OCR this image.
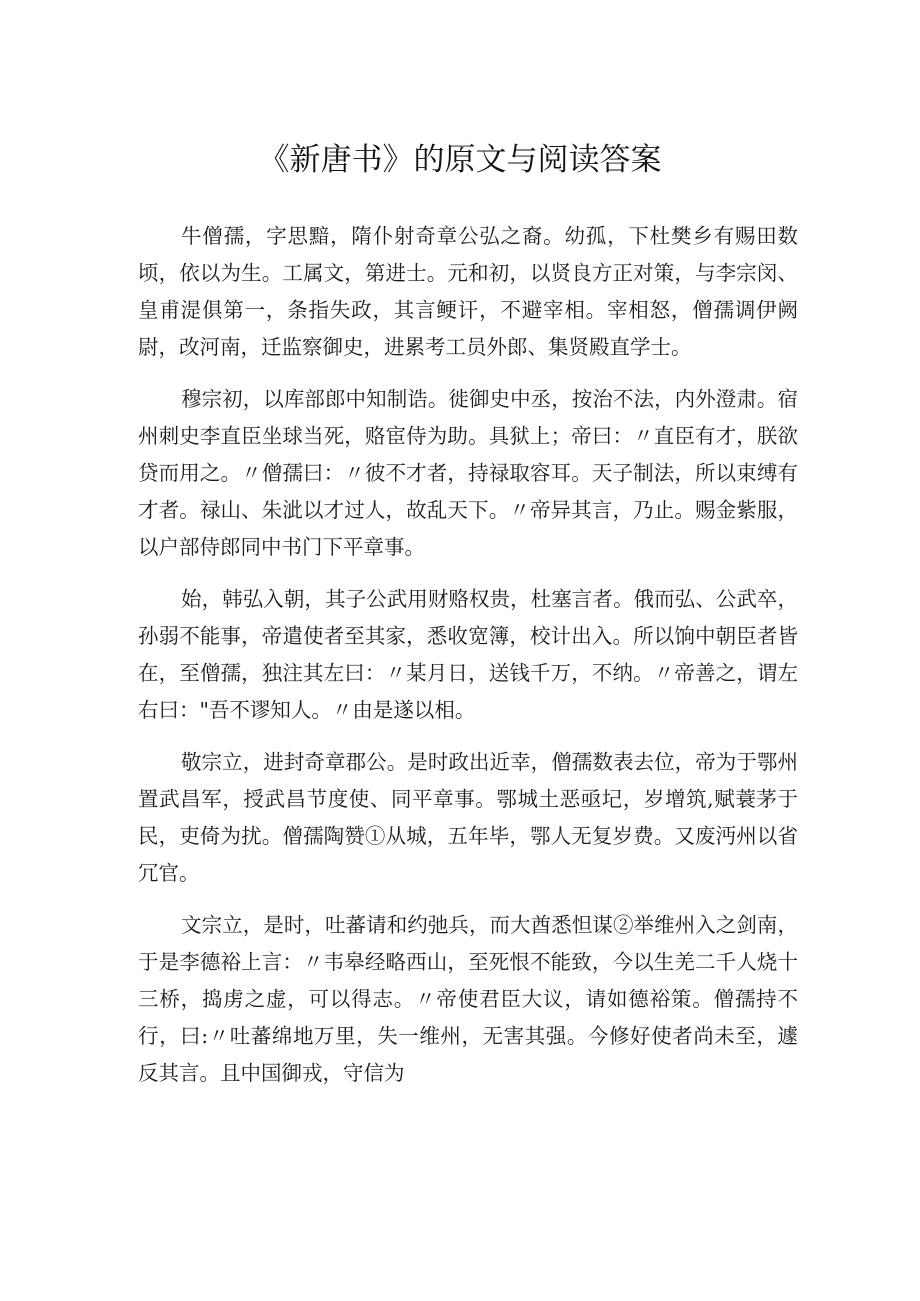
《新唐书》的原文与阅读答案

牛僧孺，字思黯，隋仆射奇章公弘之裔。幼孤，下杜樊乡有赐田数顷，依以为生。工属文，第进士。元和初，以贤良方正对策，与李宗闵、皇甫湜俱第一，条指失政，其言鲠讦，不避宰相。宰相怒，僧孺调伊阙尉，改河南，迁监察御史，进累考工员外郎、集贤殿直学士。

穆宗初，以库部郎中知制诰。徙御史中丞，按治不法，内外澄肃。宿州刺史李直臣坐球当死，赂宦侍为助。具狱上；帝曰：〃直臣有才，朕欲贷而用之。〃僧孺曰：〃彼不才者，持禄取容耳。天子制法，所以束缚有才者。禄山、朱泚以才过人，故乱天下。〃帝异其言，乃止。赐金紫服，以户部侍郎同中书门下平章事。

始，韩弘入朝，其子公武用财赂权贵，杜塞言者。俄而弘、公武卒，孙弱不能事，帝遣使者至其家，悉收宽簿，校计出入。所以饷中朝臣者皆在，至僧孺，独注其左曰：〃某月日，送钱千万，不纳。〃帝善之，谓左右曰："吾不谬知人。〃由是遂以相。

敬宗立，进封奇章郡公。是时政出近幸，僧孺数表去位，帝为于鄂州置武昌军，授武昌节度使、同平章事。鄂城土恶亟圮，岁增筑,赋蓑茅于民，吏倚为扰。僧孺陶赞①从城，五年毕，鄂人无复岁费。又废沔州以省冗官。

文宗立，是时，吐蕃请和约弛兵，而大酋悉怛谋②举维州入之剑南，于是李德裕上言：〃韦皋经略西山，至死恨不能致，今以生羌二千人烧十三桥，捣虏之虚，可以得志。〃帝使君臣大议，请如德裕策。僧孺持不行，曰:〃吐蕃绵地万里，失一维州，无害其强。今修好使者尚未至，遽反其言。且中国御戎，守信为
